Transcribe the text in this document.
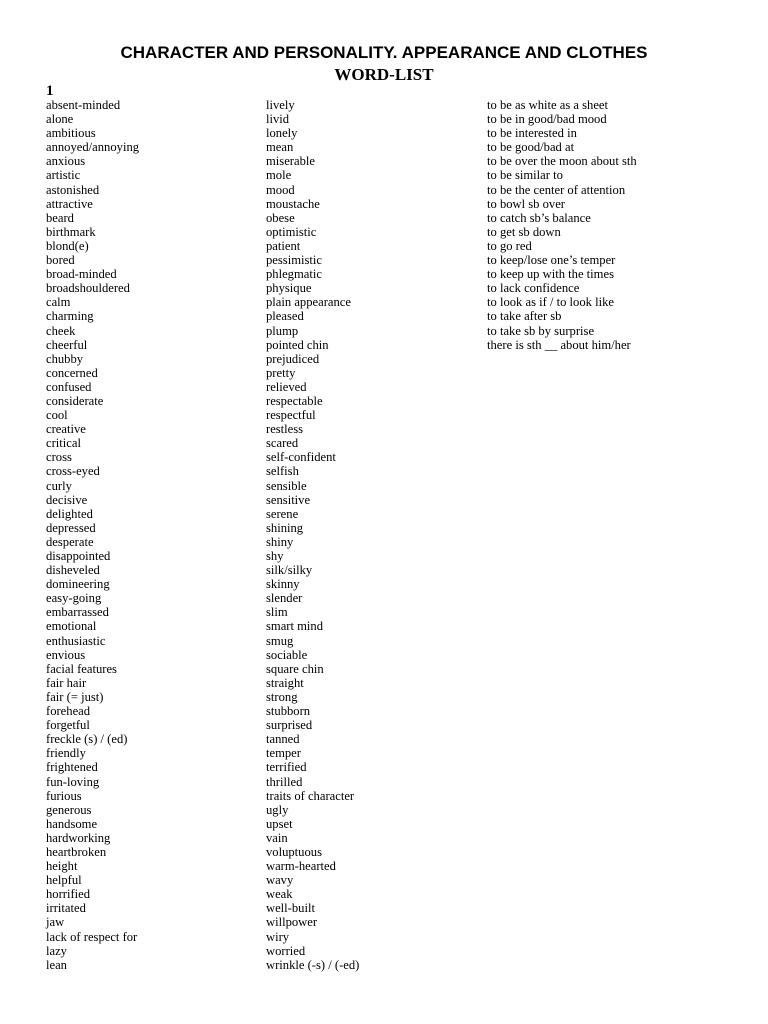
CHARACTER AND PERSONALITY. APPEARANCE AND CLOTHES
WORD-LIST
1
absent-minded
alone
ambitious
annoyed/annoying
anxious
artistic
astonished
attractive
beard
birthmark
blond(e)
bored
broad-minded
broadshouldered
calm
charming
cheek
cheerful
chubby
concerned
confused
considerate
cool
creative
critical
cross
cross-eyed
curly
decisive
delighted
depressed
desperate
disappointed
disheveled
domineering
easy-going
embarrassed
emotional
enthusiastic
envious
facial features
fair hair
fair (= just)
forehead
forgetful
freckle (s) / (ed)
friendly
frightened
fun-loving
furious
generous
handsome
hardworking
heartbroken
height
helpful
horrified
irritated
jaw
lack of respect for
lazy
lean
lively
livid
lonely
mean
miserable
mole
mood
moustache
obese
optimistic
patient
pessimistic
phlegmatic
physique
plain appearance
pleased
plump
pointed chin
prejudiced
pretty
relieved
respectable
respectful
restless
scared
self-confident
selfish
sensible
sensitive
serene
shining
shiny
shy
silk/silky
skinny
slender
slim
smart mind
smug
sociable
square chin
straight
strong
stubborn
surprised
tanned
temper
terrified
thrilled
traits of character
ugly
upset
vain
voluptuous
warm-hearted
wavy
weak
well-built
willpower
wiry
worried
wrinkle (-s) / (-ed)
to be as white as a sheet
to be in good/bad mood
to be interested in
to be good/bad at
to be over the moon about sth
to be similar to
to be the center of attention
to bowl sb over
to catch sb’s balance
to get sb down
to go red
to keep/lose one’s temper
to keep up with the times
to lack confidence
to look as if / to look like
to take after sb
to take sb by surprise
there is sth __ about him/her
